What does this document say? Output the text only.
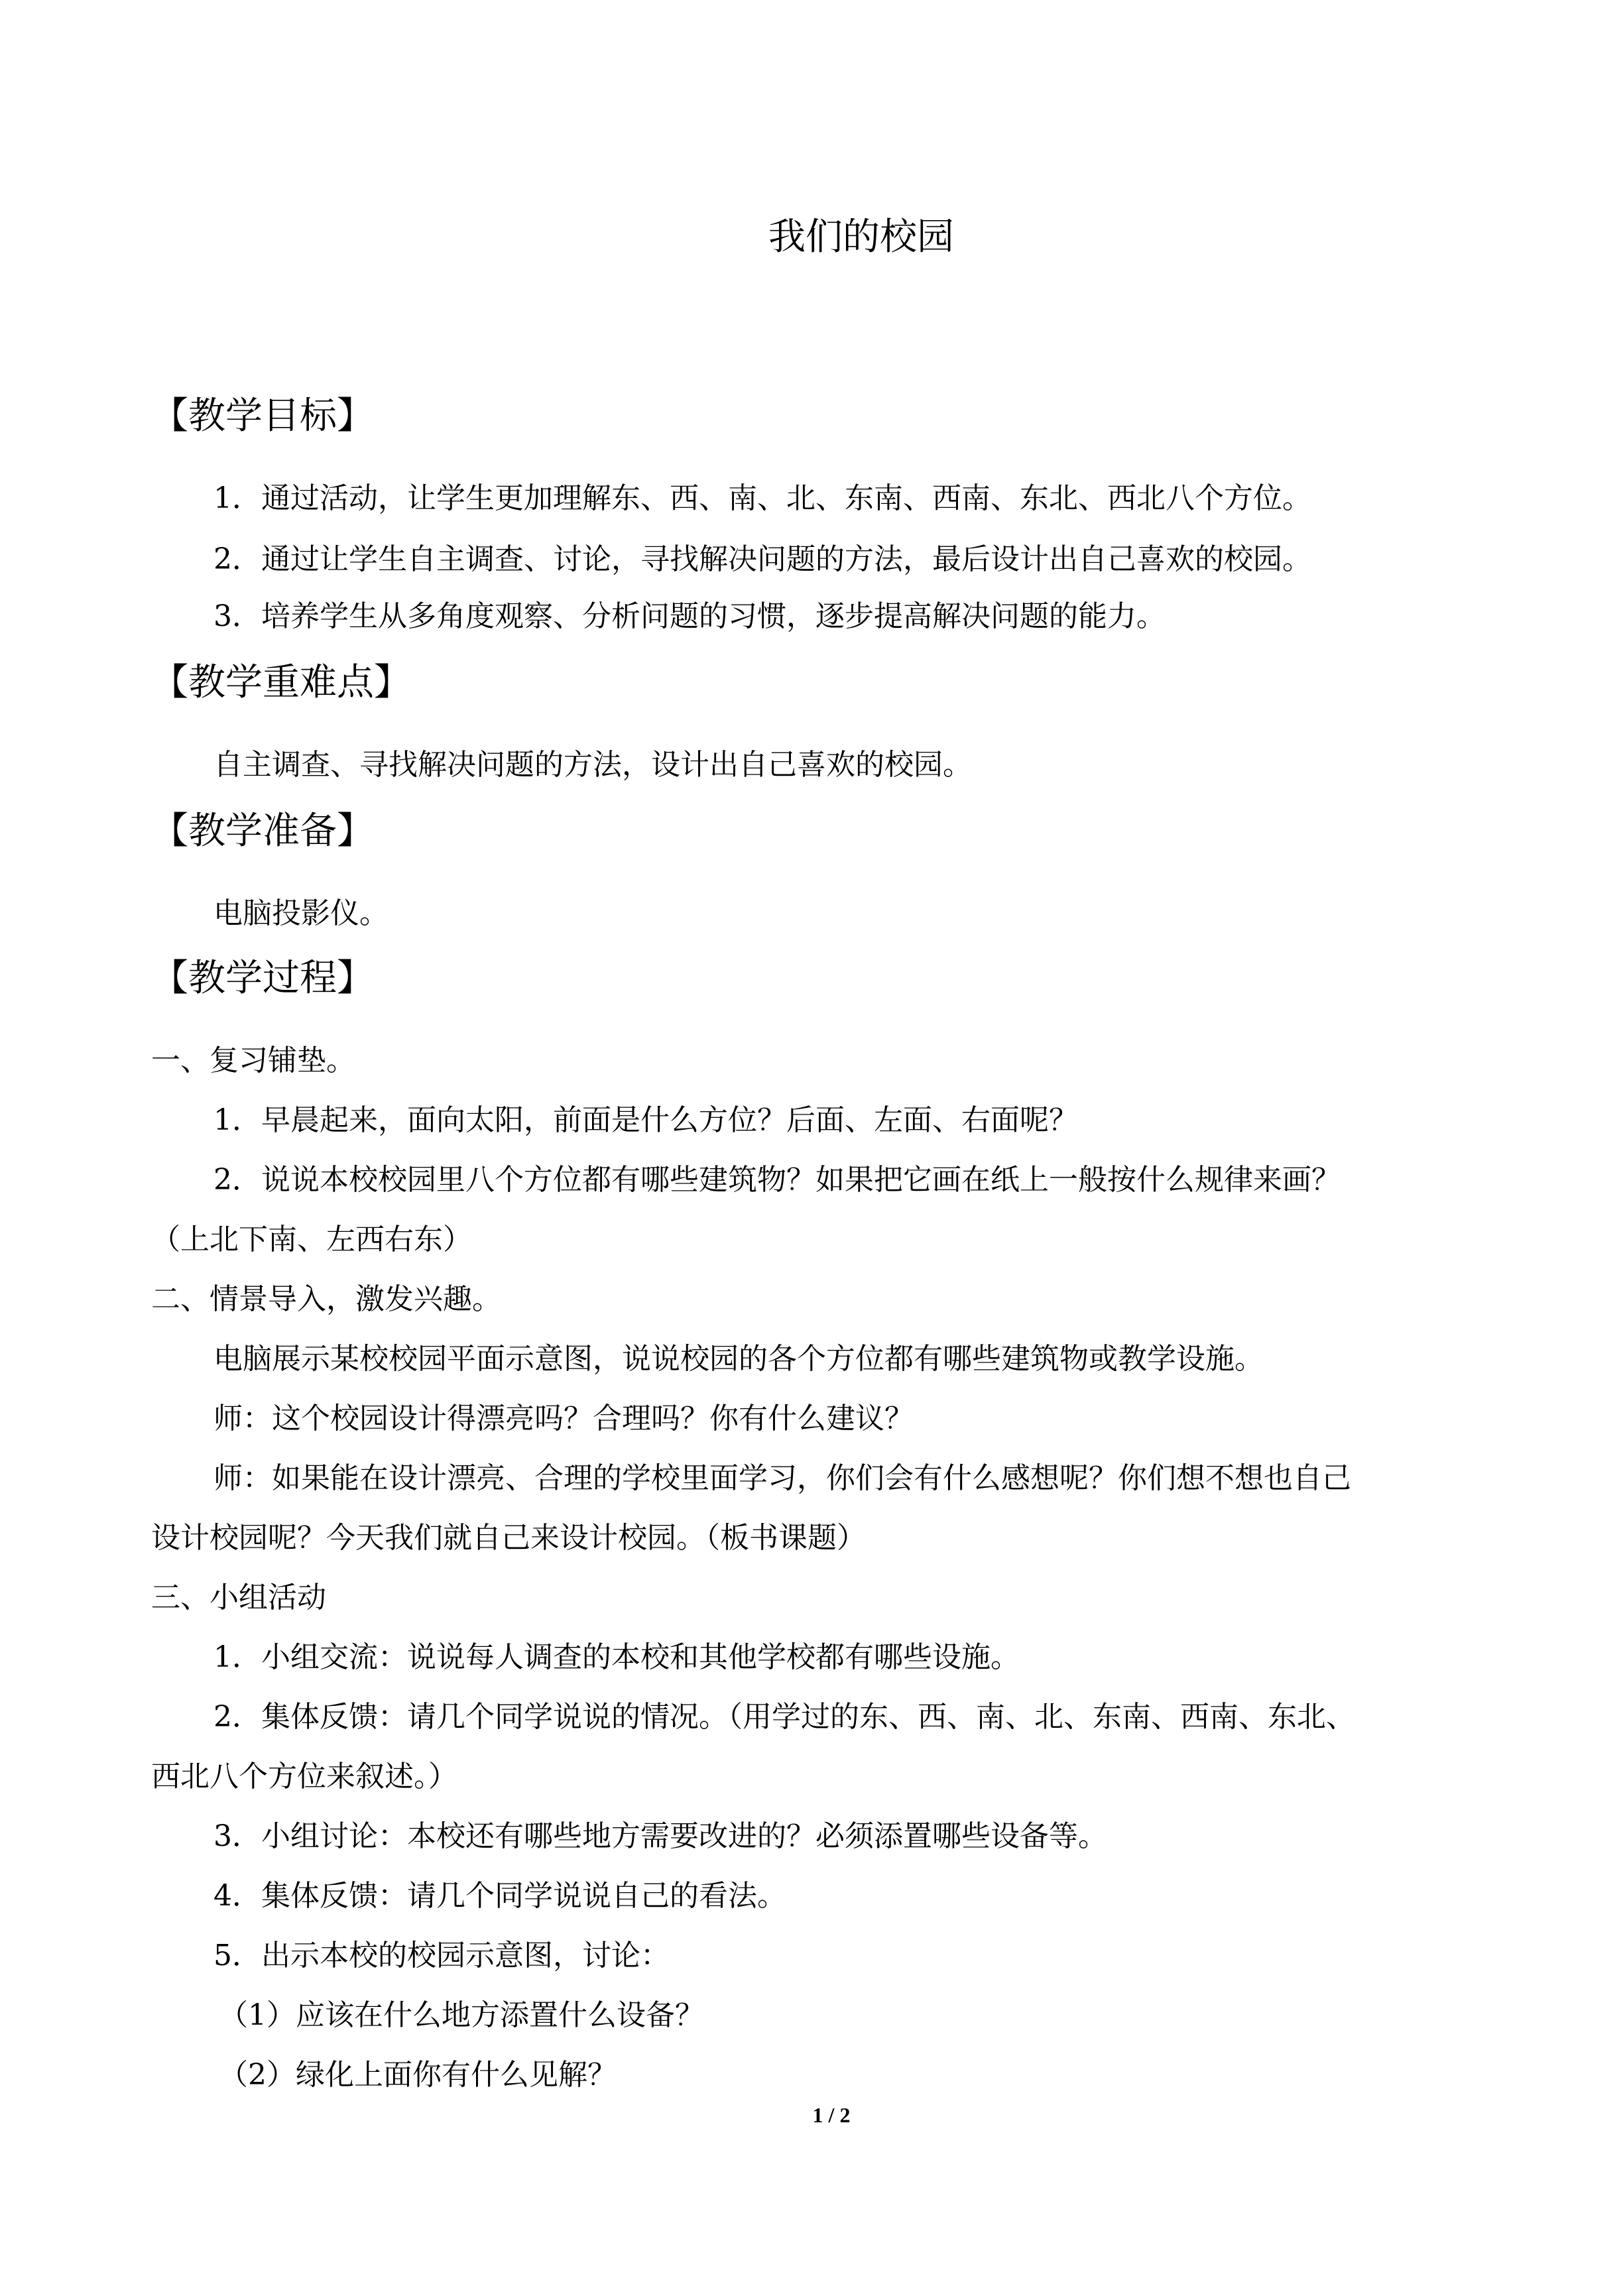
我们的校园
【教学目标】
1．通过活动，让学生更加理解东、西、南、北、东南、西南、东北、西北八个方位。
2．通过让学生自主调查、讨论，寻找解决问题的方法，最后设计出自己喜欢的校园。
3．培养学生从多角度观察、分析问题的习惯，逐步提高解决问题的能力。
【教学重难点】
自主调查、寻找解决问题的方法，设计出自己喜欢的校园。
【教学准备】
电脑投影仪。
【教学过程】
一、复习铺垫。
1．早晨起来，面向太阳，前面是什么方位？后面、左面、右面呢？
2．说说本校校园里八个方位都有哪些建筑物？如果把它画在纸上一般按什么规律来画？
（上北下南、左西右东）
二、情景导入，激发兴趣。
电脑展示某校校园平面示意图，说说校园的各个方位都有哪些建筑物或教学设施。
师：这个校园设计得漂亮吗？合理吗？你有什么建议？
师：如果能在设计漂亮、合理的学校里面学习，你们会有什么感想呢？你们想不想也自己
设计校园呢？今天我们就自己来设计校园。（板书课题）
三、小组活动
1．小组交流：说说每人调查的本校和其他学校都有哪些设施。
2．集体反馈：请几个同学说说的情况。（用学过的东、西、南、北、东南、西南、东北、
西北八个方位来叙述。）
3．小组讨论：本校还有哪些地方需要改进的？必须添置哪些设备等。
4．集体反馈：请几个同学说说自己的看法。
5．出示本校的校园示意图，讨论：
（1）应该在什么地方添置什么设备？
（2）绿化上面你有什么见解？
1 / 2
